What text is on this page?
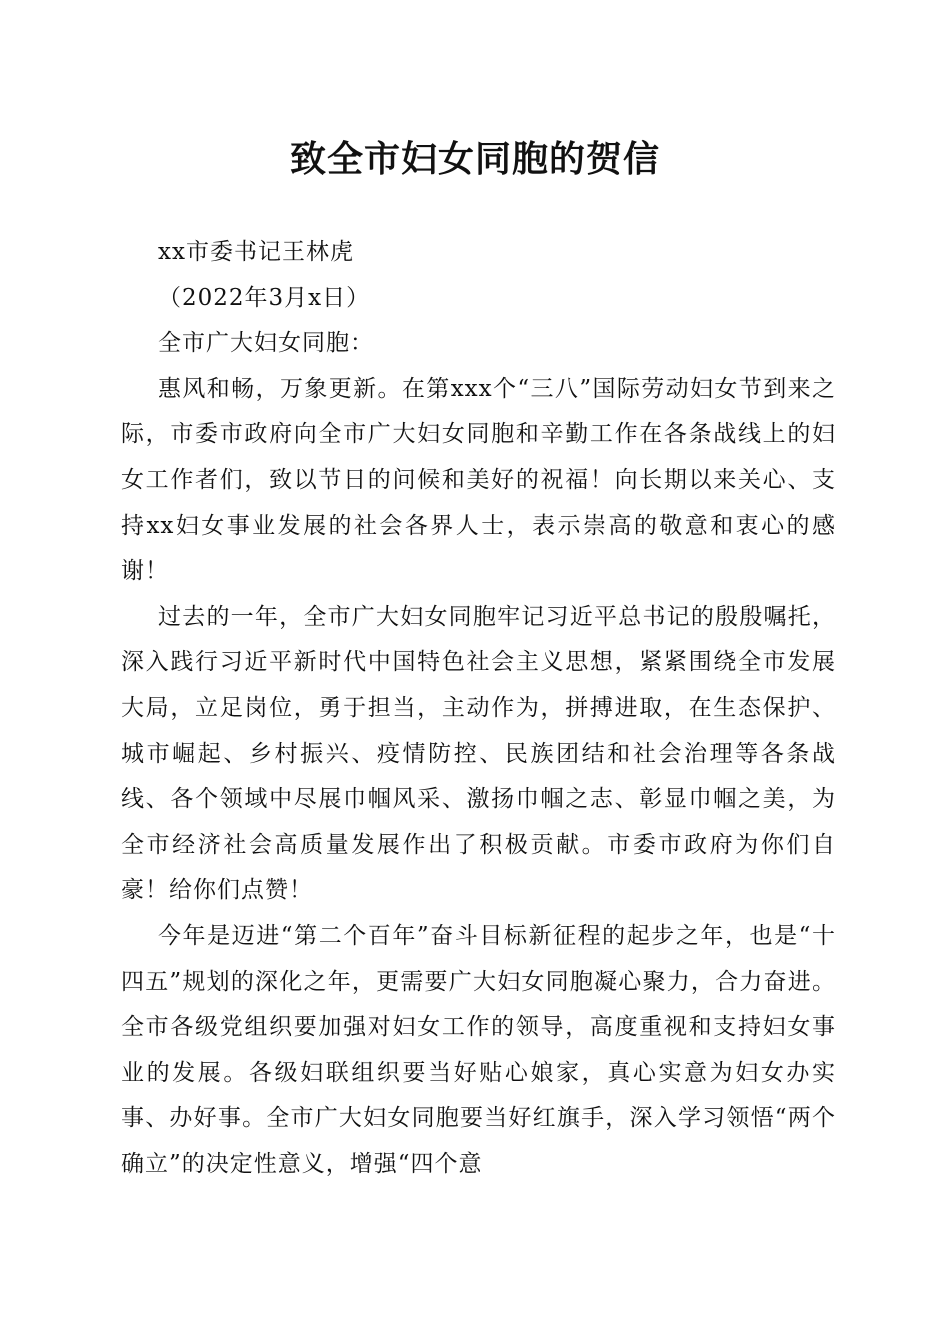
致全市妇女同胞的贺信

xx市委书记王林虎

（2022年3月x日）

全市广大妇女同胞：

惠风和畅，万象更新。在第xxx个“三八”国际劳动妇女节到来之际，市委市政府向全市广大妇女同胞和辛勤工作在各条战线上的妇女工作者们，致以节日的问候和美好的祝福！向长期以来关心、支持xx妇女事业发展的社会各界人士，表示崇高的敬意和衷心的感谢！

过去的一年，全市广大妇女同胞牢记习近平总书记的殷殷嘱托，深入践行习近平新时代中国特色社会主义思想，紧紧围绕全市发展大局，立足岗位，勇于担当，主动作为，拼搏进取，在生态保护、城市崛起、乡村振兴、疫情防控、民族团结和社会治理等各条战线、各个领域中尽展巾帼风采、激扬巾帼之志、彰显巾帼之美，为全市经济社会高质量发展作出了积极贡献。市委市政府为你们自豪！给你们点赞！

今年是迈进“第二个百年”奋斗目标新征程的起步之年，也是“十四五”规划的深化之年，更需要广大妇女同胞凝心聚力，合力奋进。全市各级党组织要加强对妇女工作的领导，高度重视和支持妇女事业的发展。各级妇联组织要当好贴心娘家，真心实意为妇女办实事、办好事。全市广大妇女同胞要当好红旗手，深入学习领悟“两个确立”的决定性意义，增强“四个意
